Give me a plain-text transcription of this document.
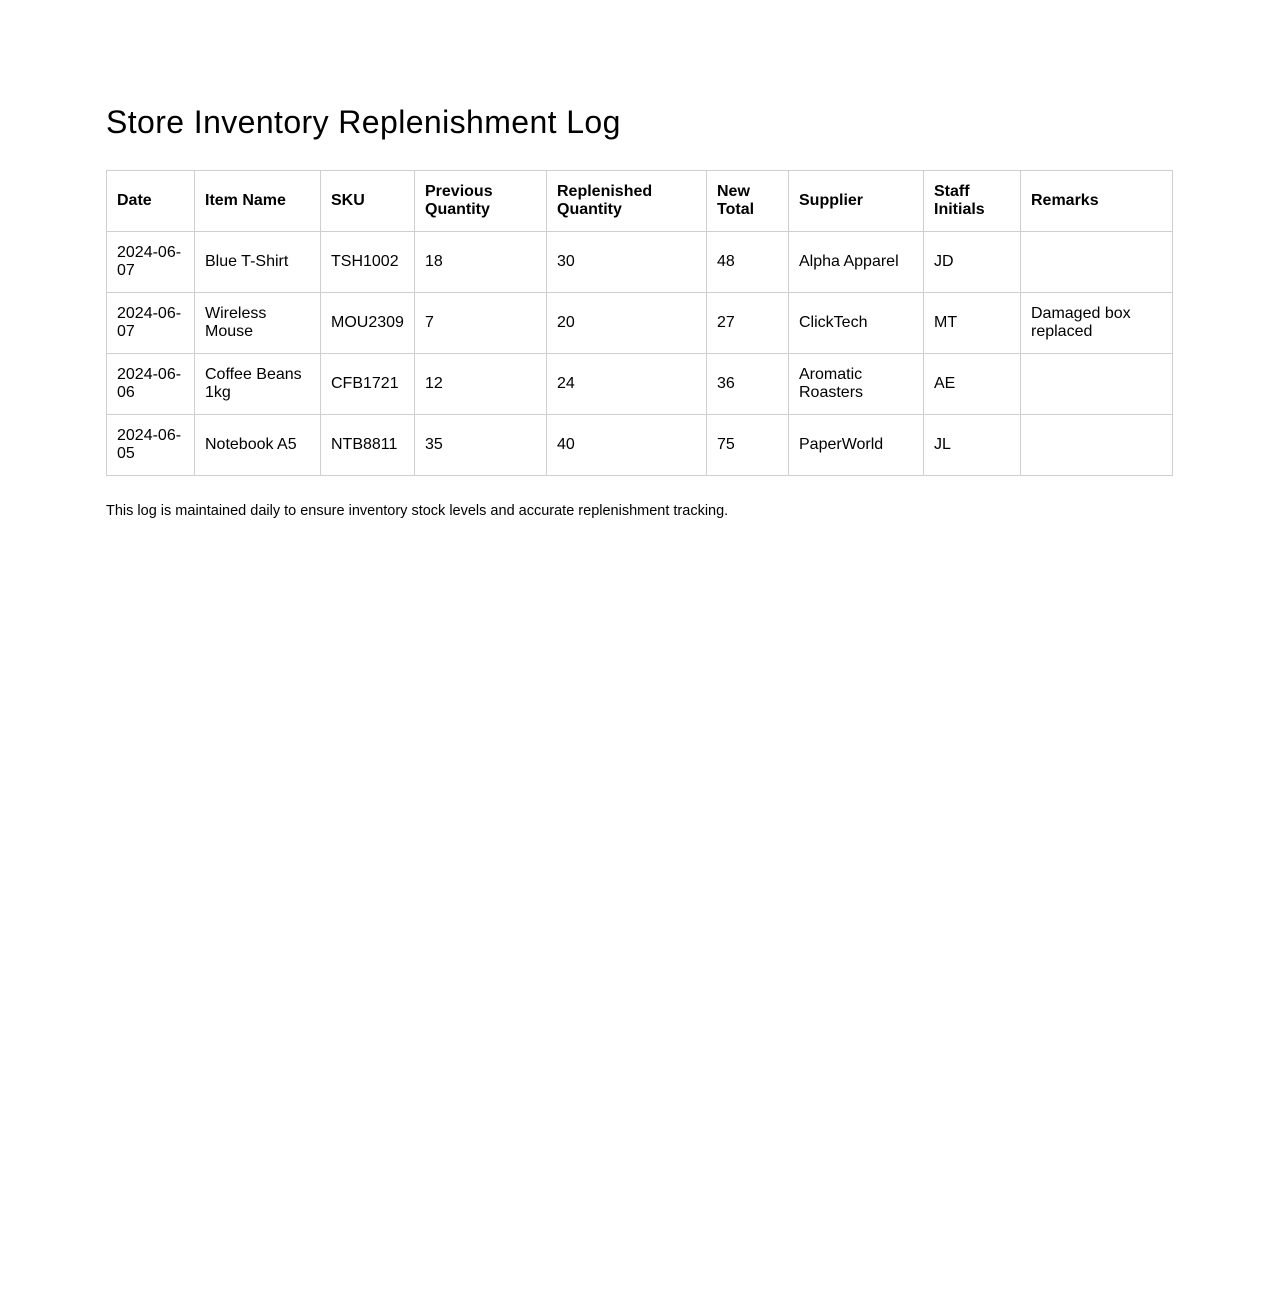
Store Inventory Replenishment Log
Date	Item Name	SKU	Previous Quantity	Replenished Quantity	New Total	Supplier	Staff Initials	Remarks
2024-06-07	Blue T-Shirt	TSH1002	18	30	48	Alpha Apparel	JD	
2024-06-07	Wireless Mouse	MOU2309	7	20	27	ClickTech	MT	Damaged box replaced
2024-06-06	Coffee Beans 1kg	CFB1721	12	24	36	Aromatic Roasters	AE	
2024-06-05	Notebook A5	NTB8811	35	40	75	PaperWorld	JL	

This log is maintained daily to ensure inventory stock levels and accurate replenishment tracking.
